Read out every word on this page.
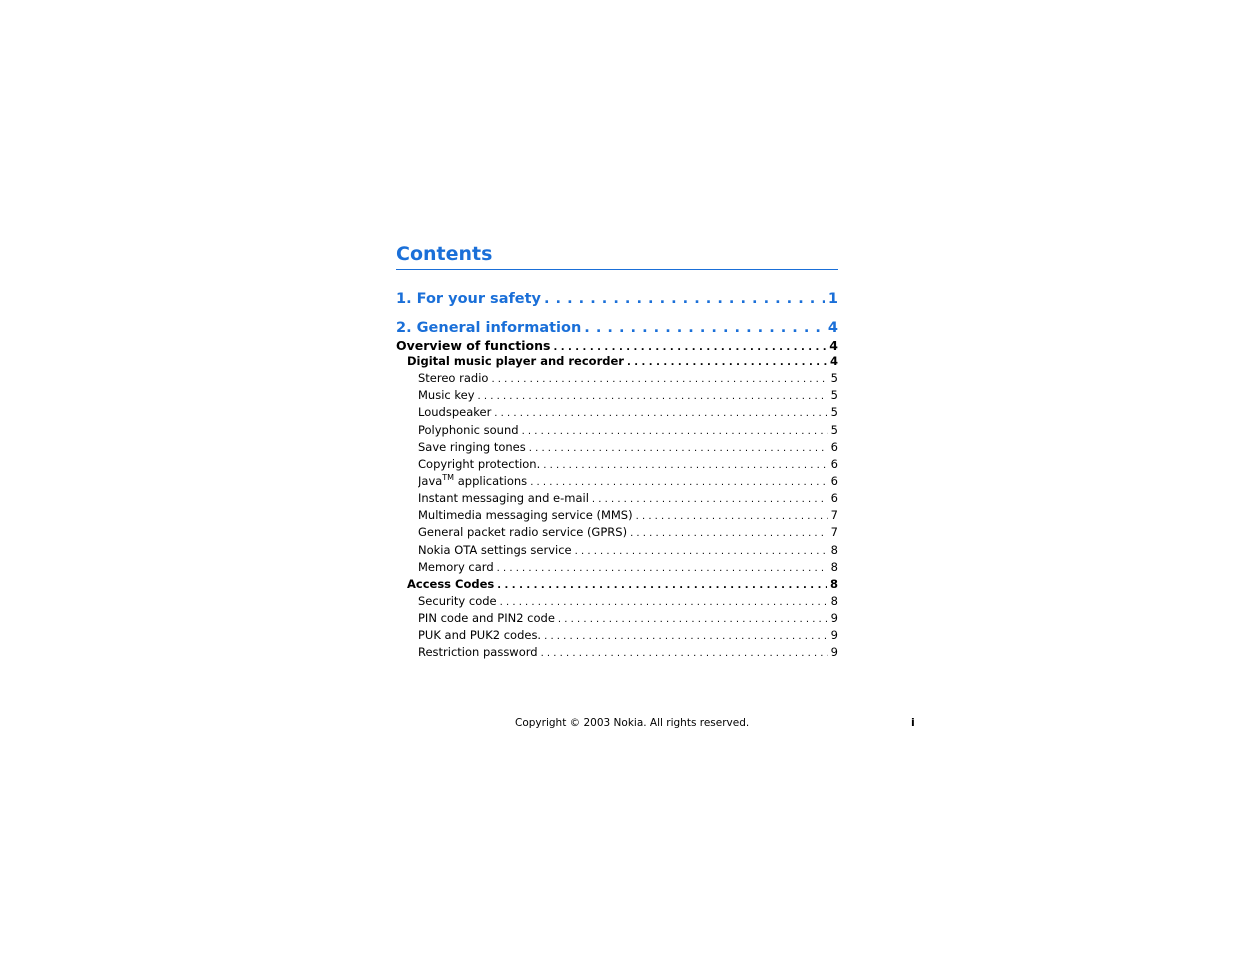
Contents
1. For your safety . . .	1
2. General information . . .	4
Overview of functions . . .	4
Digital music player and recorder . . .	4
Stereo radio . . .	5
Music key . . .	5
Loudspeaker . . .	5
Polyphonic sound . . .	5
Save ringing tones . . .	6
Copyright protection. . . .	6
Java™ applications . . .	6
Instant messaging and e-mail . . .	6
Multimedia messaging service (MMS) . . .	7
General packet radio service (GPRS) . . .	7
Nokia OTA settings service . . .	8
Memory card . . .	8
Access Codes . . .	8
Security code . . .	8
PIN code and PIN2 code . . .	9
PUK and PUK2 codes. . . .	9
Restriction password . . .	9
Copyright © 2003 Nokia. All rights reserved.	i
